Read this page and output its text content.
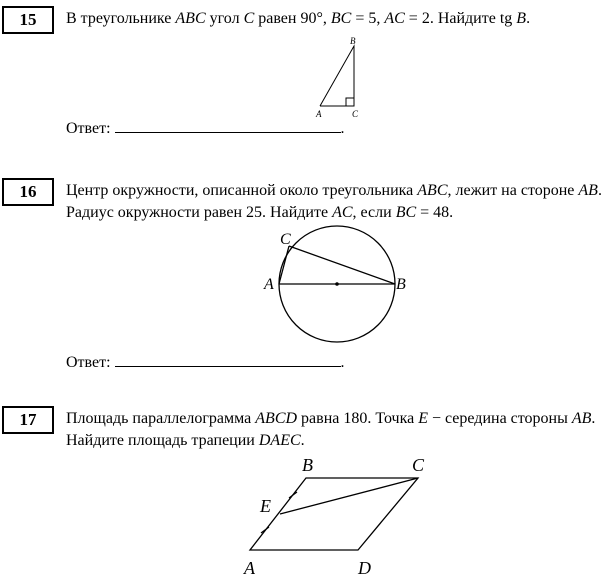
15	В треугольнике ABC угол C равен 90°, BC = 5, AC = 2. Найдите tg B.
B
A	C
Ответ:	.
16	Центр окружности, описанной около треугольника ABC, лежит на стороне AB. Радиус окружности равен 25. Найдите AC, если BC = 48.
C
A	B
Ответ:	.
17	Площадь параллелограмма ABCD равна 180. Точка E − середина стороны AB. Найдите площадь трапеции DAEC.
B	C
E
A	D
